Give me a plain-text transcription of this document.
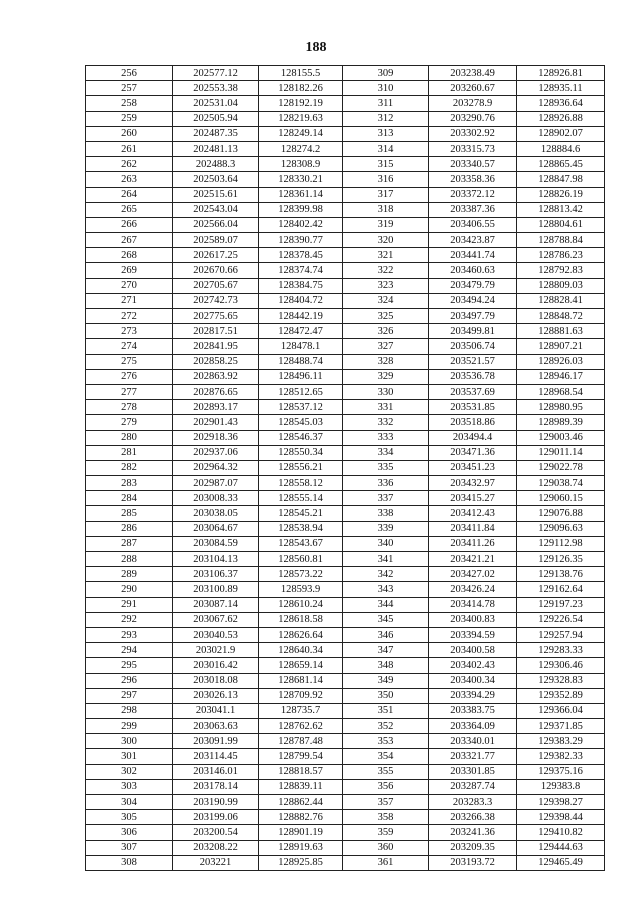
188
256	202577.12	128155.5	309	203238.49	128926.81
257	202553.38	128182.26	310	203260.67	128935.11
258	202531.04	128192.19	311	203278.9	128936.64
259	202505.94	128219.63	312	203290.76	128926.88
260	202487.35	128249.14	313	203302.92	128902.07
261	202481.13	128274.2	314	203315.73	128884.6
262	202488.3	128308.9	315	203340.57	128865.45
263	202503.64	128330.21	316	203358.36	128847.98
264	202515.61	128361.14	317	203372.12	128826.19
265	202543.04	128399.98	318	203387.36	128813.42
266	202566.04	128402.42	319	203406.55	128804.61
267	202589.07	128390.77	320	203423.87	128788.84
268	202617.25	128378.45	321	203441.74	128786.23
269	202670.66	128374.74	322	203460.63	128792.83
270	202705.67	128384.75	323	203479.79	128809.03
271	202742.73	128404.72	324	203494.24	128828.41
272	202775.65	128442.19	325	203497.79	128848.72
273	202817.51	128472.47	326	203499.81	128881.63
274	202841.95	128478.1	327	203506.74	128907.21
275	202858.25	128488.74	328	203521.57	128926.03
276	202863.92	128496.11	329	203536.78	128946.17
277	202876.65	128512.65	330	203537.69	128968.54
278	202893.17	128537.12	331	203531.85	128980.95
279	202901.43	128545.03	332	203518.86	128989.39
280	202918.36	128546.37	333	203494.4	129003.46
281	202937.06	128550.34	334	203471.36	129011.14
282	202964.32	128556.21	335	203451.23	129022.78
283	202987.07	128558.12	336	203432.97	129038.74
284	203008.33	128555.14	337	203415.27	129060.15
285	203038.05	128545.21	338	203412.43	129076.88
286	203064.67	128538.94	339	203411.84	129096.63
287	203084.59	128543.67	340	203411.26	129112.98
288	203104.13	128560.81	341	203421.21	129126.35
289	203106.37	128573.22	342	203427.02	129138.76
290	203100.89	128593.9	343	203426.24	129162.64
291	203087.14	128610.24	344	203414.78	129197.23
292	203067.62	128618.58	345	203400.83	129226.54
293	203040.53	128626.64	346	203394.59	129257.94
294	203021.9	128640.34	347	203400.58	129283.33
295	203016.42	128659.14	348	203402.43	129306.46
296	203018.08	128681.14	349	203400.34	129328.83
297	203026.13	128709.92	350	203394.29	129352.89
298	203041.1	128735.7	351	203383.75	129366.04
299	203063.63	128762.62	352	203364.09	129371.85
300	203091.99	128787.48	353	203340.01	129383.29
301	203114.45	128799.54	354	203321.77	129382.33
302	203146.01	128818.57	355	203301.85	129375.16
303	203178.14	128839.11	356	203287.74	129383.8
304	203190.99	128862.44	357	203283.3	129398.27
305	203199.06	128882.76	358	203266.38	129398.44
306	203200.54	128901.19	359	203241.36	129410.82
307	203208.22	128919.63	360	203209.35	129444.63
308	203221	128925.85	361	203193.72	129465.49
